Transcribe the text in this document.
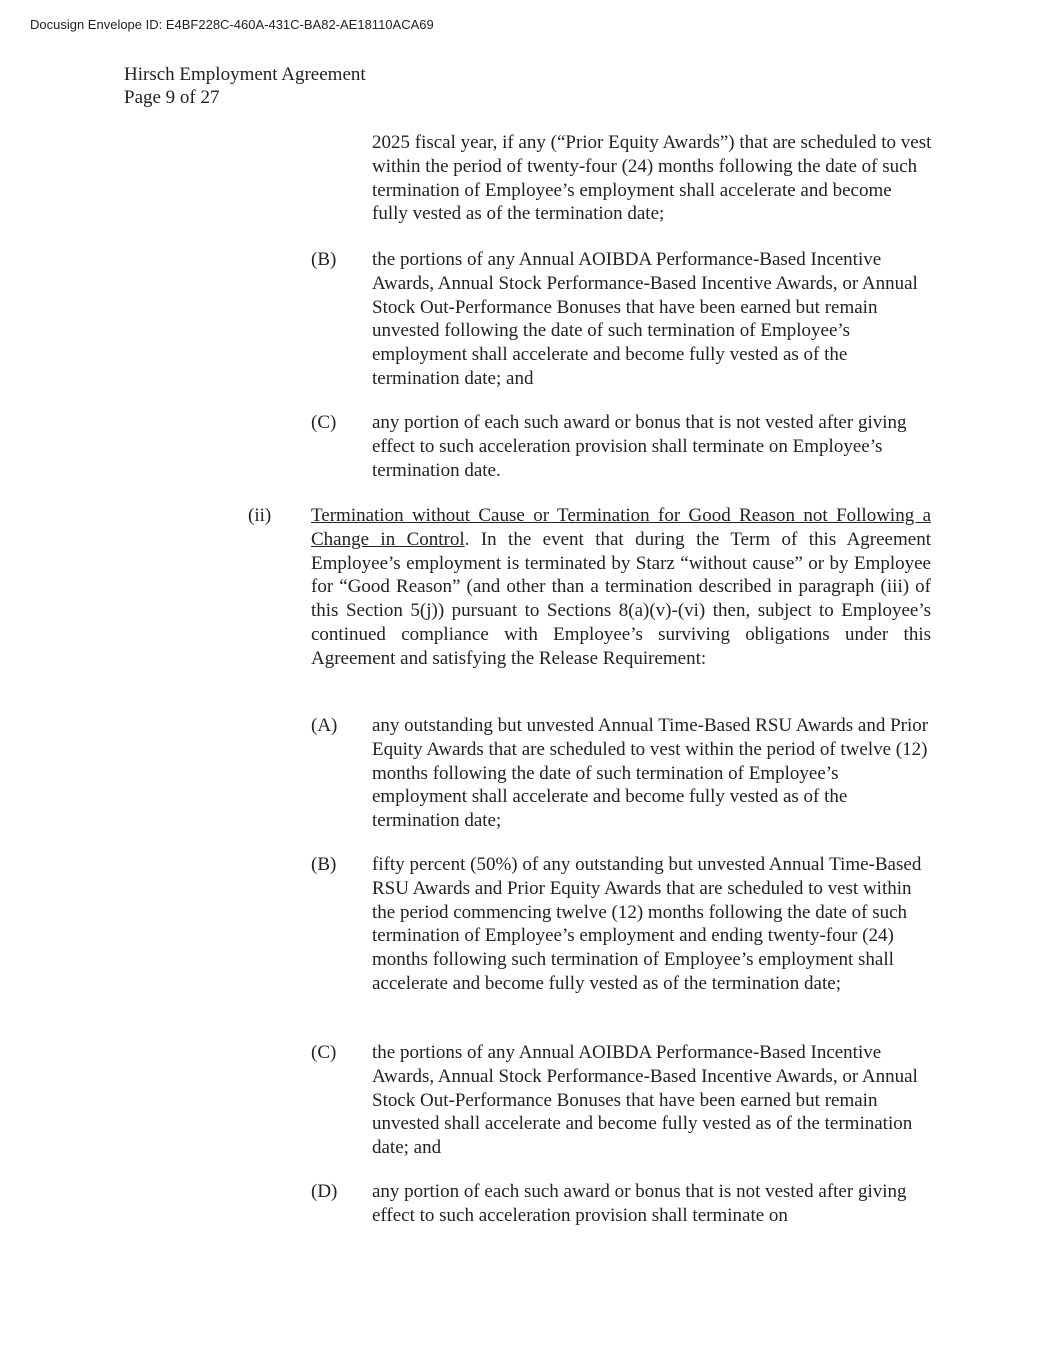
Docusign Envelope ID: E4BF228C-460A-431C-BA82-AE18110ACA69
Hirsch Employment Agreement
Page 9 of 27
2025 fiscal year, if any (“Prior Equity Awards”) that are scheduled to vest within the period of twenty-four (24) months following the date of such termination of Employee’s employment shall accelerate and become fully vested as of the termination date;
(B) the portions of any Annual AOIBDA Performance-Based Incentive Awards, Annual Stock Performance-Based Incentive Awards, or Annual Stock Out-Performance Bonuses that have been earned but remain unvested following the date of such termination of Employee’s employment shall accelerate and become fully vested as of the termination date; and
(C) any portion of each such award or bonus that is not vested after giving effect to such acceleration provision shall terminate on Employee’s termination date.
(ii) Termination without Cause or Termination for Good Reason not Following a Change in Control. In the event that during the Term of this Agreement Employee’s employment is terminated by Starz “without cause” or by Employee for “Good Reason” (and other than a termination described in paragraph (iii) of this Section 5(j)) pursuant to Sections 8(a)(v)-(vi) then, subject to Employee’s continued compliance with Employee’s surviving obligations under this Agreement and satisfying the Release Requirement:
(A) any outstanding but unvested Annual Time-Based RSU Awards and Prior Equity Awards that are scheduled to vest within the period of twelve (12) months following the date of such termination of Employee’s employment shall accelerate and become fully vested as of the termination date;
(B) fifty percent (50%) of any outstanding but unvested Annual Time-Based RSU Awards and Prior Equity Awards that are scheduled to vest within the period commencing twelve (12) months following the date of such termination of Employee’s employment and ending twenty-four (24) months following such termination of Employee’s employment shall accelerate and become fully vested as of the termination date;
(C) the portions of any Annual AOIBDA Performance-Based Incentive Awards, Annual Stock Performance-Based Incentive Awards, or Annual Stock Out-Performance Bonuses that have been earned but remain unvested shall accelerate and become fully vested as of the termination date; and
(D) any portion of each such award or bonus that is not vested after giving effect to such acceleration provision shall terminate on
